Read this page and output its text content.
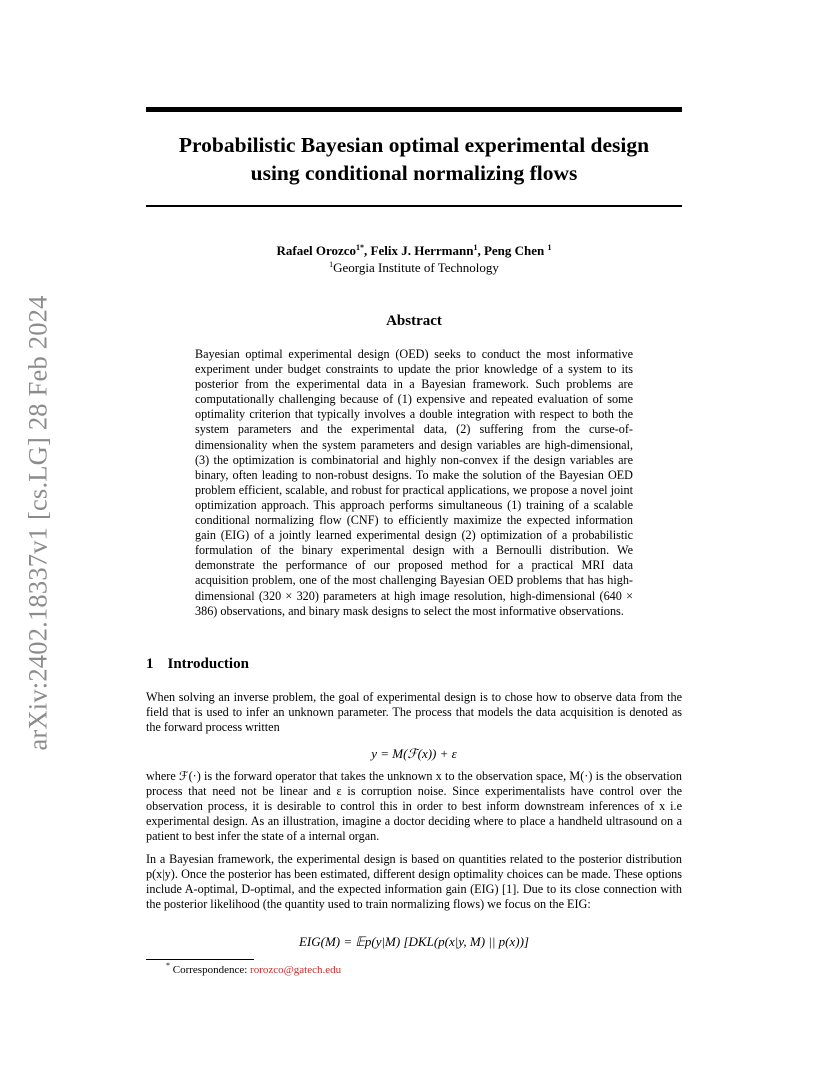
arXiv:2402.18337v1 [cs.LG] 28 Feb 2024
Probabilistic Bayesian optimal experimental design
using conditional normalizing flows
Rafael Orozco$^{1*}$, Felix J. Herrmann$^1$, Peng Chen $^1$
$^1$Georgia Institute of Technology
Abstract
Bayesian optimal experimental design (OED) seeks to conduct the most informative experiment under budget constraints to update the prior knowledge of a system to its posterior from the experimental data in a Bayesian framework. Such problems are computationally challenging because of (1) expensive and repeated evaluation of some optimality criterion that typically involves a double integration with respect to both the system parameters and the experimental data, (2) suffering from the curse-of-dimensionality when the system parameters and design variables are high-dimensional, (3) the optimization is combinatorial and highly non-convex if the design variables are binary, often leading to non-robust designs. To make the solution of the Bayesian OED problem efficient, scalable, and robust for practical applications, we propose a novel joint optimization approach. This approach performs simultaneous (1) training of a scalable conditional normalizing flow (CNF) to efficiently maximize the expected information gain (EIG) of a jointly learned experimental design (2) optimization of a probabilistic formulation of the binary experimental design with a Bernoulli distribution. We demonstrate the performance of our proposed method for a practical MRI data acquisition problem, one of the most challenging Bayesian OED problems that has high-dimensional (320 × 320) parameters at high image resolution, high-dimensional (640 × 386) observations, and binary mask designs to select the most informative observations.
1 Introduction
When solving an inverse problem, the goal of experimental design is to chose how to observe data from the field that is used to infer an unknown parameter. The process that models the data acquisition is denoted as the forward process written
y = M(ℱ(x)) + ε
where ℱ(·) is the forward operator that takes the unknown x to the observation space, M(·) is the observation process that need not be linear and ε is corruption noise. Since experimentalists have control over the observation process, it is desirable to control this in order to best inform downstream inferences of x i.e experimental design. As an illustration, imagine a doctor deciding where to place a handheld ultrasound on a patient to best infer the state of a internal organ.
In a Bayesian framework, the experimental design is based on quantities related to the posterior distribution p(x|y). Once the posterior has been estimated, different design optimality choices can be made. These options include A-optimal, D-optimal, and the expected information gain (EIG) [1]. Due to its close connection with the posterior likelihood (the quantity used to train normalizing flows) we focus on the EIG:
EIG(M) = 𝔼p(y|M) [DKL(p(x|y, M) || p(x))]
* Correspondence: rorozco@gatech.edu
